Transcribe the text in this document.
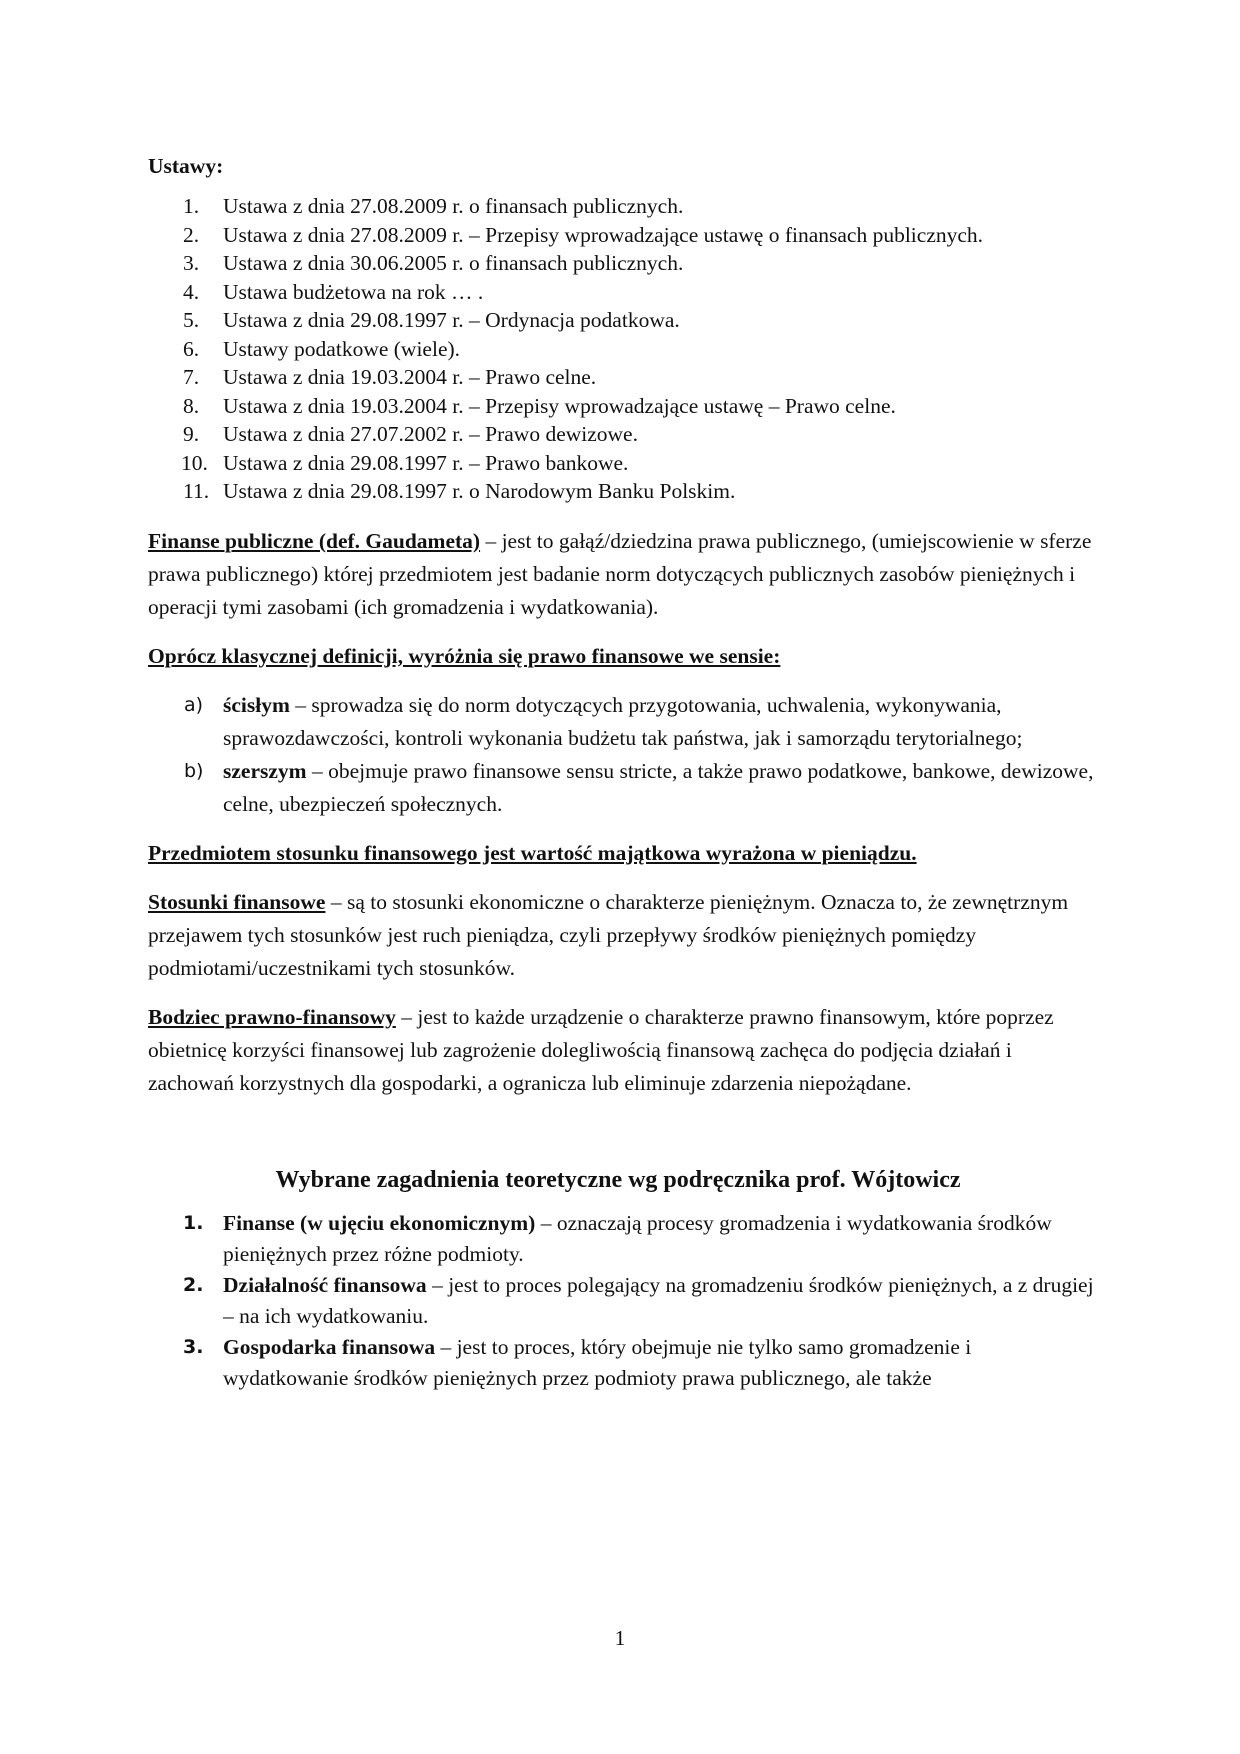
Ustawy:
1.	Ustawa z dnia 27.08.2009 r. o finansach publicznych.
2.	Ustawa z dnia 27.08.2009 r. – Przepisy wprowadzające ustawę o finansach publicznych.
3.	Ustawa z dnia 30.06.2005 r. o finansach publicznych.
4.	Ustawa budżetowa na rok … .
5.	Ustawa z dnia 29.08.1997 r. – Ordynacja podatkowa.
6.	Ustawy podatkowe (wiele).
7.	Ustawa z dnia 19.03.2004 r. – Prawo celne.
8.	Ustawa z dnia 19.03.2004 r. – Przepisy wprowadzające ustawę – Prawo celne.
9.	Ustawa z dnia 27.07.2002 r. – Prawo dewizowe.
10. Ustawa z dnia 29.08.1997 r. – Prawo bankowe.
11. Ustawa z dnia 29.08.1997 r. o Narodowym Banku Polskim.

Finanse publiczne (def. Gaudameta) – jest to gałąź/dziedzina prawa publicznego, (umiejscowienie w sferze prawa publicznego) której przedmiotem jest badanie norm dotyczących publicznych zasobów pieniężnych i operacji tymi zasobami (ich gromadzenia i wydatkowania).

Oprócz klasycznej definicji, wyróżnia się prawo finansowe we sensie:

a) ścisłym – sprowadza się do norm dotyczących przygotowania, uchwalenia, wykonywania, sprawozdawczości, kontroli wykonania budżetu tak państwa, jak i samorządu terytorialnego;
b) szerszym – obejmuje prawo finansowe sensu stricte, a także prawo podatkowe, bankowe, dewizowe, celne, ubezpieczeń społecznych.

Przedmiotem stosunku finansowego jest wartość majątkowa wyrażona w pieniądzu.

Stosunki finansowe – są to stosunki ekonomiczne o charakterze pieniężnym. Oznacza to, że zewnętrznym przejawem tych stosunków jest ruch pieniądza, czyli przepływy środków pieniężnych pomiędzy podmiotami/uczestnikami tych stosunków.

Bodziec prawno-finansowy – jest to każde urządzenie o charakterze prawno finansowym, które poprzez obietnicę korzyści finansowej lub zagrożenie dolegliwością finansową zachęca do podjęcia działań i zachowań korzystnych dla gospodarki, a ogranicza lub eliminuje zdarzenia niepożądane.

Wybrane zagadnienia teoretyczne wg podręcznika prof. Wójtowicz

1. Finanse (w ujęciu ekonomicznym) – oznaczają procesy gromadzenia i wydatkowania środków pieniężnych przez różne podmioty.
2. Działalność finansowa – jest to proces polegający na gromadzeniu środków pieniężnych, a z drugiej – na ich wydatkowaniu.
3. Gospodarka finansowa – jest to proces, który obejmuje nie tylko samo gromadzenie i wydatkowanie środków pieniężnych przez podmioty prawa publicznego, ale także
1
